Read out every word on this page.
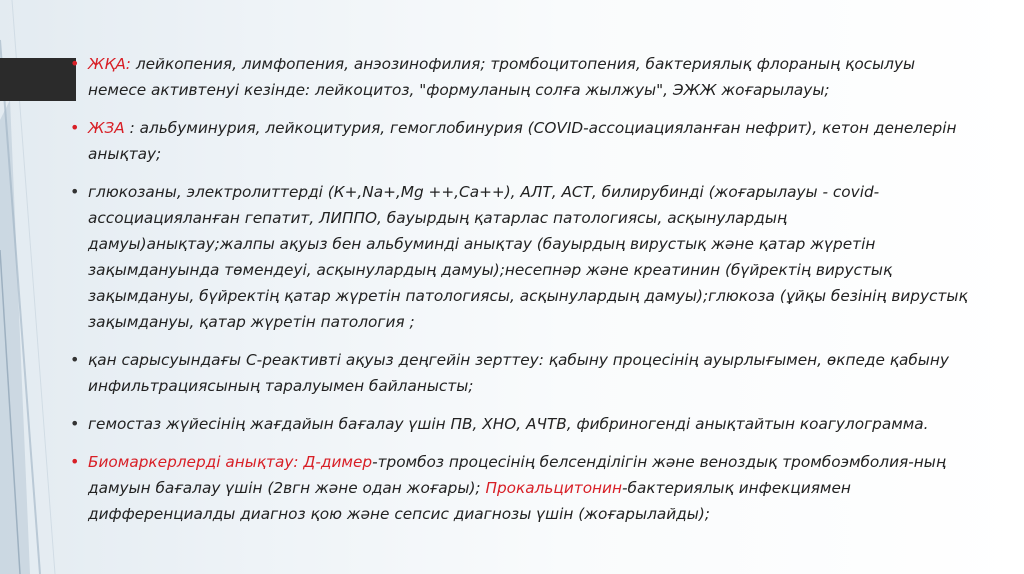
• ЖҚА: лейкопения, лимфопения, анэозинофилия; тромбоцитопения, бактериялық флораның қосылуы немесе активтенуі кезінде: лейкоцитоз, "формуланың солға жылжуы", ЭЖЖ жоғарылауы;
• ЖЗА : альбуминурия, лейкоцитурия, гемоглобинурия (COVID-ассоциацияланған нефрит), кетон денелерін анықтау;
• глюкозаны, электролиттерді (К+,Na+,Mg ++,Ca++), АЛТ, АСТ, билирубинді (жоғарылауы - covid-ассоциацияланған гепатит, ЛИППО, бауырдың қатарлас патологиясы, асқынулардың дамуы)анықтау;жалпы ақуыз бен альбуминді анықтау (бауырдың вирустық және қатар жүретін зақымдануында төмендеуі, асқынулардың дамуы);несепнәр және креатинин (бүйректің вирустық зақымдануы, бүйректің қатар жүретін патологиясы, асқынулардың дамуы);глюкоза (ұйқы безінің вирустық зақымдануы, қатар жүретін патология ;
• қан сарысуындағы С-реактивті ақуыз деңгейін зерттеу: қабыну процесінің ауырлығымен, өкпеде қабыну инфильтрациясының таралуымен байланысты;
• гемостаз жүйесінің жағдайын бағалау үшін ПВ, ХНО, АЧТВ, фибриногенді анықтайтын коагулограмма.
• Биомаркерлерді анықтау: Д-димер-тромбоз процесінің белсенділігін және веноздық тромбоэмболия-ның дамуын бағалау үшін (2вгн және одан жоғары); Прокальцитонин-бактериялық инфекциямен дифференциалды диагноз қою және сепсис диагнозы үшін (жоғарылайды);
